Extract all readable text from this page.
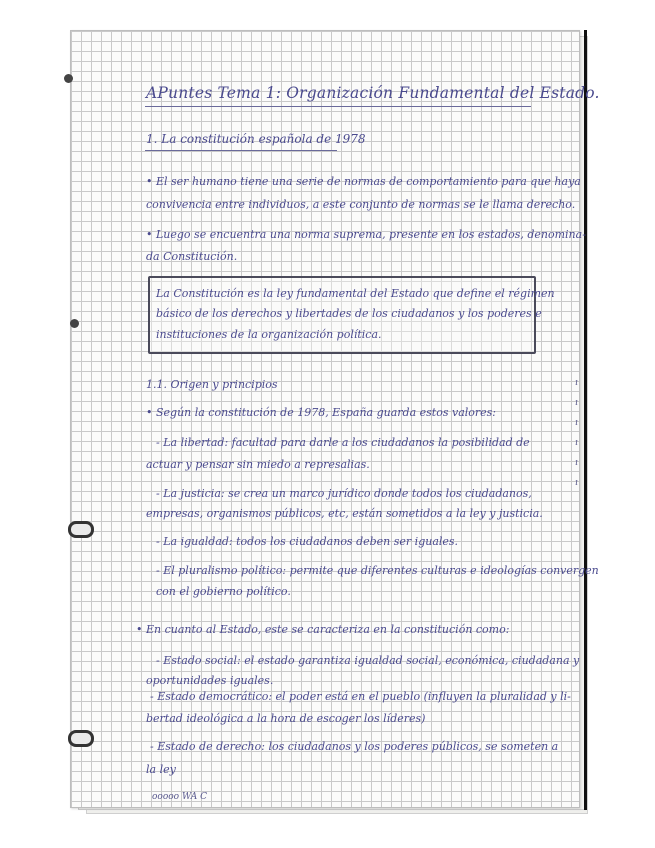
APuntes Tema 1: Organización Fundamental del Estado.
1. La constitución española de 1978
• El ser humano tiene una serie de normas de comportamiento para que haya
convivencia entre individuos, a este conjunto de normas se le llama derecho.
• Luego se encuentra una norma suprema, presente en los estados, denomina-
da Constitución.
La Constitución es la ley fundamental del Estado que define el régimen
básico de los derechos y libertades de los ciudadanos y los poderes e
instituciones de la organización política.
1.1. Origen y principios
• Según la constitución de 1978, España guarda estos valores:
- La libertad: facultad para darle a los ciudadanos la posibilidad de
actuar y pensar sin miedo a represalias.
- La justicia: se crea un marco jurídico donde todos los ciudadanos,
empresas, organismos públicos, etc, están sometidos a la ley y justicia.
- La igualdad: todos los ciudadanos deben ser iguales.
- El pluralismo político: permite que diferentes culturas e ideologías convergen
con el gobierno político.
• En cuanto al Estado, este se caracteriza en la constitución como:
- Estado social: el estado garantiza igualdad social, económica, ciudadana y
oportunidades iguales.
- Estado democrático: el poder está en el pueblo (influyen la pluralidad y li-
bertad ideológica a la hora de escoger los líderes)
- Estado de derecho: los ciudadanos y los poderes públicos, se someten a
la ley
ooooo WA C
ı
ı
ı
ı
ı
ı
